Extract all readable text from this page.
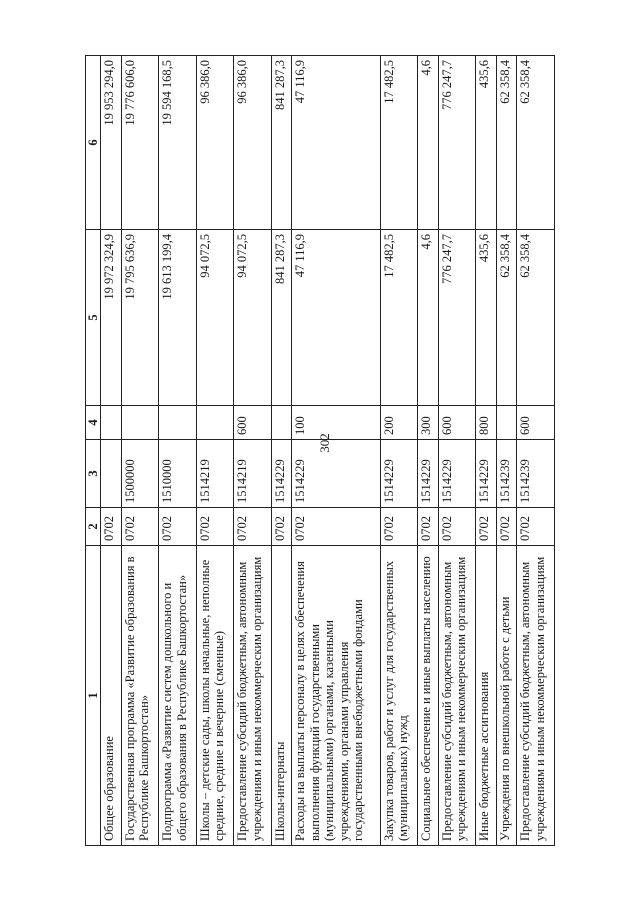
302
1	2	3	4	5	6
Общее образование	0702			19 972 324,9	19 953 294,0
Государственная программа «Развитие образования в Республике Башкортостан»	0702	1500000		19 795 636,9	19 776 606,0
Подпрограмма «Развитие систем дошкольного и общего образования в Республике Башкортостан»	0702	1510000		19 613 199,4	19 594 168,5
Школы – детские сады, школы начальные, неполные средние, средние и вечерние (сменные)	0702	1514219		94 072,5	96 386,0
Предоставление субсидий бюджетным, автономным учреждениям и иным некоммерческим организациям	0702	1514219	600	94 072,5	96 386,0
Школы-интернаты	0702	1514229		841 287,3	841 287,3
Расходы на выплаты персоналу в целях обеспечения выполнения функций государственными (муниципальными) органами, казенными учреждениями, органами управления государственными внебюджетными фондами	0702	1514229	100	47 116,9	47 116,9
Закупка товаров, работ и услуг для государственных (муниципальных) нужд	0702	1514229	200	17 482,5	17 482,5
Социальное обеспечение и иные выплаты населению	0702	1514229	300	4,6	4,6
Предоставление субсидий бюджетным, автономным учреждениям и иным некоммерческим организациям	0702	1514229	600	776 247,7	776 247,7
Иные бюджетные ассигнования	0702	1514229	800	435,6	435,6
Учреждения по внешкольной работе с детьми	0702	1514239		62 358,4	62 358,4
Предоставление субсидий бюджетным, автономным учреждениям и иным некоммерческим организациям	0702	1514239	600	62 358,4	62 358,4
